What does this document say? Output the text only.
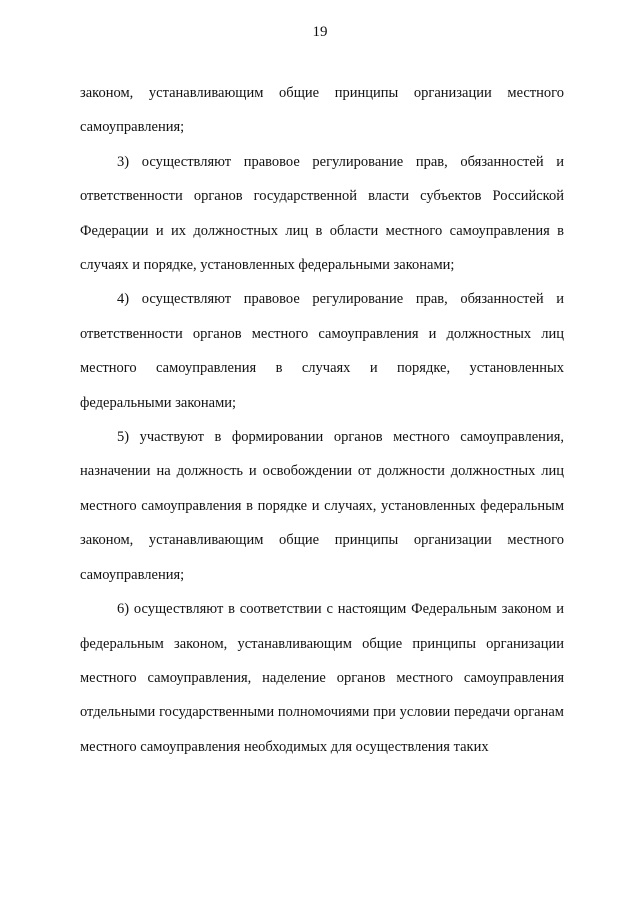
19

законом, устанавливающим общие принципы организации местного самоуправления;

3) осуществляют правовое регулирование прав, обязанностей и ответственности органов государственной власти субъектов Российской Федерации и их должностных лиц в области местного самоуправления в случаях и порядке, установленных федеральными законами;

4) осуществляют правовое регулирование прав, обязанностей и ответственности органов местного самоуправления и должностных лиц местного самоуправления в случаях и порядке, установленных федеральными законами;

5) участвуют в формировании органов местного самоуправления, назначении на должность и освобождении от должности должностных лиц местного самоуправления в порядке и случаях, установленных федеральным законом, устанавливающим общие принципы организации местного самоуправления;

6) осуществляют в соответствии с настоящим Федеральным законом и федеральным законом, устанавливающим общие принципы организации местного самоуправления, наделение органов местного самоуправления отдельными государственными полномочиями при условии передачи органам местного самоуправления необходимых для осуществления таких
